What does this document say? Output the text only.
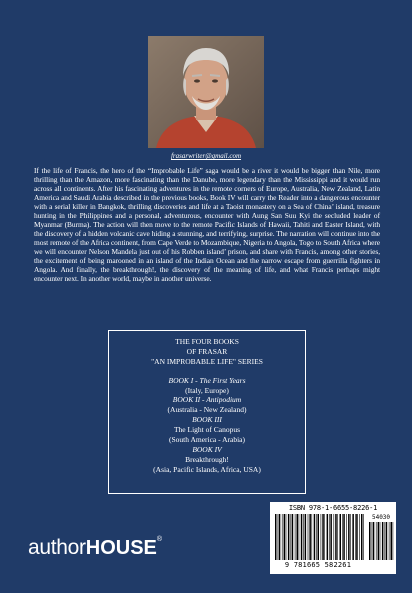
frasarwriter@gmail.com

If the life of Francis, the hero of the “Improbable Life” saga would be a river it would be bigger than Nile, more thrilling than the Amazon, more fascinating than the Danube, more legendary than the Mississippi and it would run across all continents. After his fascinating adventures in the remote corners of Europe, Australia, New Zealand, Latin America and Saudi Arabia described in the previous books, Book IV will carry the Reader into a dangerous encounter with a serial killer in Bangkok, thrilling discoveries and life at a Taoist monastery on a Sea of China’ island, treasure hunting in the Philippines and a personal, adventurous, encounter with Aung San Suu Kyi the secluded leader of Myanmar (Burma). The action will then move to the remote Pacific Islands of Hawaii, Tahiti and Easter Island, with the discovery of a hidden volcanic cave hiding a stunning, and terrifying, surprise. The narration will continue into the most remote of the Africa continent, from Cape Verde to Mozambique, Nigeria to Angola, Togo to South Africa where we will encounter Nelson Mandela just out of his Robben island’ prison, and share with Francis, among other stories, the excitement of being marooned in an island of the Indian Ocean and the narrow escape from guerrilla fighters in Angola. And finally, the breakthrough!, the discovery of the meaning of life, and what Francis perhaps might encounter next. In another world, maybe in another universe.

THE FOUR BOOKS
OF FRASAR
"AN IMPROBABLE LIFE" SERIES
BOOK I - The First Years
(Italy, Europe)
BOOK II - Antipodium
(Australia - New Zealand)
BOOK III
The Light of Canopus
(South America - Arabia)
BOOK IV
Breakthrough!
(Asia, Pacific Islands, Africa, USA)
ISBN 978-1-6655-8226-1
54030
9 781665 582261
authorHOUSE®
